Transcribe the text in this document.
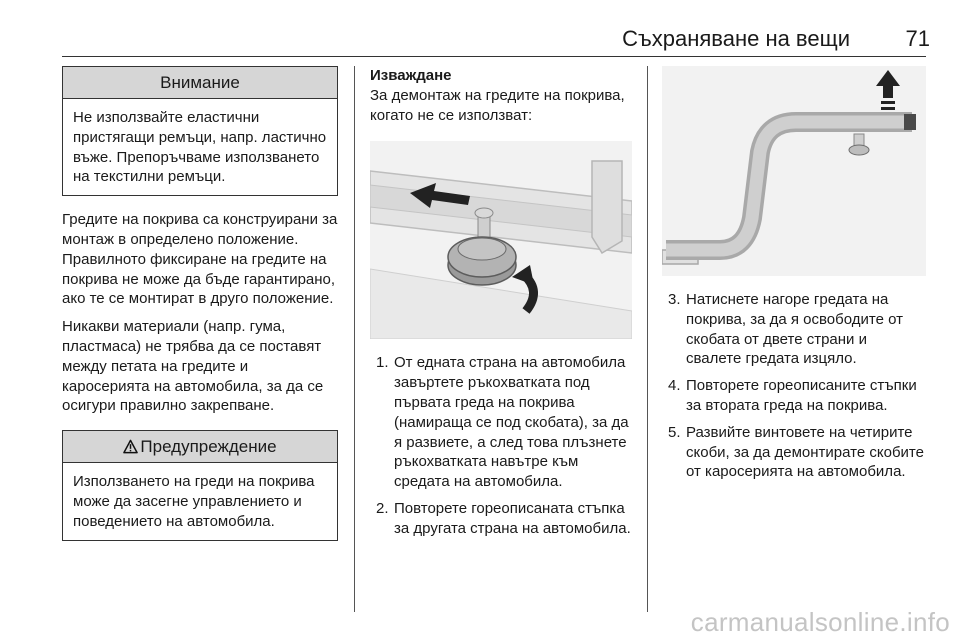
Съхраняване на вещи	71
Внимание
Не използвайте еластични пристягащи ремъци, напр. ластично въже. Препоръчваме използването на текстилни ремъци.

Гредите на покрива са конструирани за монтаж в определено положение. Правилното фиксиране на гредите на покрива не може да бъде гарантирано, ако те се монтират в друго положение.

Никакви материали (напр. гума, пластмаса) не трябва да се поставят между петата на гредите и каросерията на автомобила, за да се осигури правилно закрепване.

Предупреждение
Използването на греди на покрива може да засегне управлението и поведението на автомобила.

Изваждане

За демонтаж на гредите на покрива, когато не се използват:

1. От едната страна на автомобила завъртете ръкохватката под първата греда на покрива (намираща се под скобата), за да я развиете, а след това плъзнете ръкохватката навътре към средата на автомобила.
2. Повторете гореописаната стъпка за другата страна на автомобила.
3. Натиснете нагоре гредата на покрива, за да я освободите от скобата от двете страни и свалете гредата изцяло.
4. Повторете гореописаните стъпки за втората греда на покрива.
5. Развийте винтовете на четирите скоби, за да демонтирате скобите от каросерията на автомобила.
carmanualsonline.info
